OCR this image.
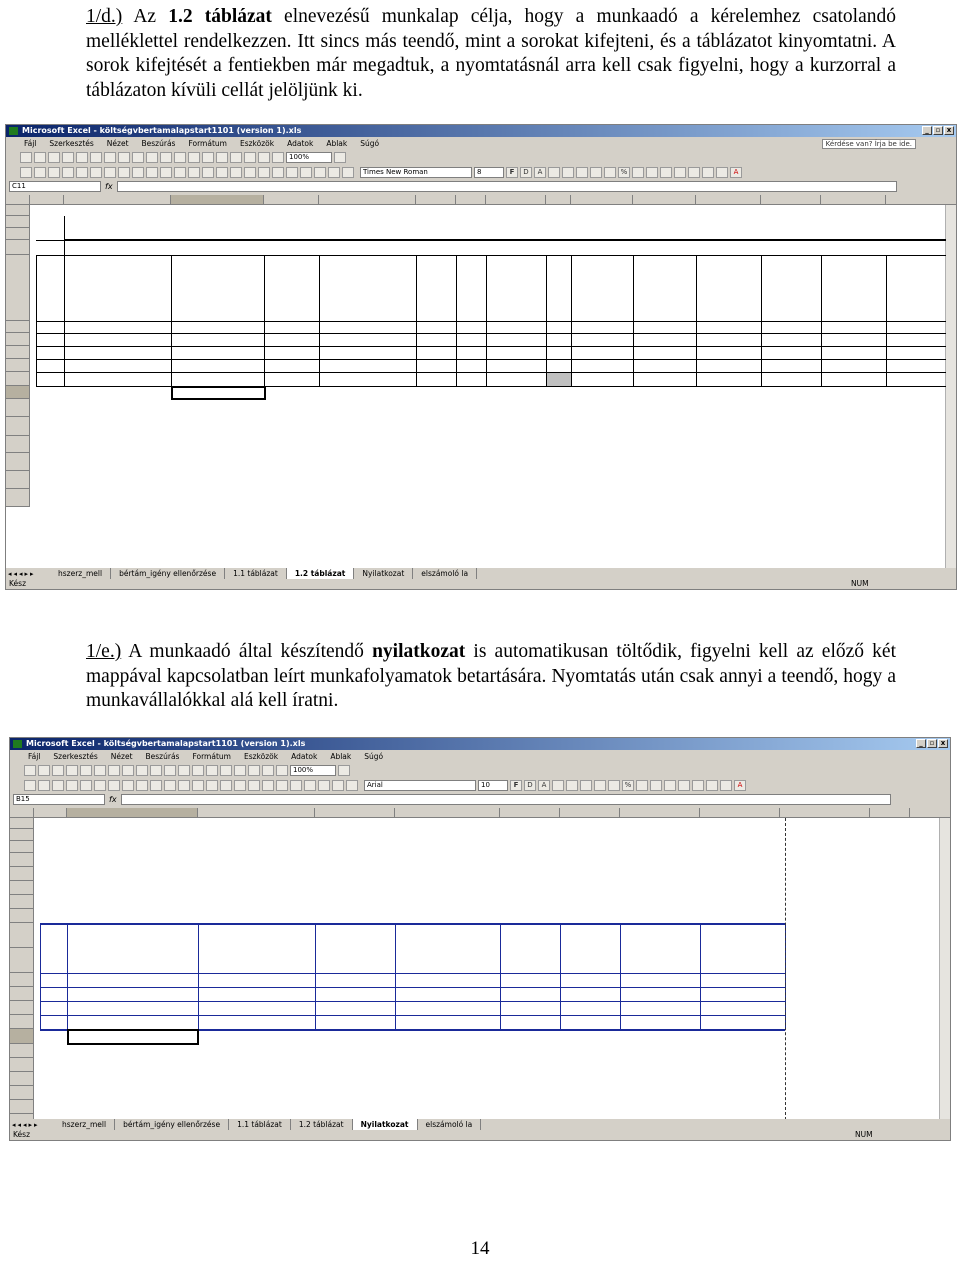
1/d.) Az 1.2 táblázat elnevezésű munkalap célja, hogy a munkaadó a kérelemhez csatolandó melléklettel rendelkezzen. Itt sincs más teendő, mint a sorokat kifejteni, és a táblázatot kinyomtatni. A sorok kifejtését a fentiekben már megadtuk, a nyomtatásnál arra kell csak figyelni, hogy a kurzorral a táblázaton kívüli cellát jelöljünk ki.
Microsoft Excel - költségvbertamalapstart1101 (version 1).xls	_ ▫ x
Fájl Szerkesztés Nézet Beszúrás Formátum Eszközök Adatok Ablak Súgó	Kérdése van? Írja be ide.
100%
Times New Roman	8	F	D	A	%	A
C11	fx
◂◂◂▸▸	hszerz_mell	bértám_igény ellenőrzése	1.1 táblázat	1.2 táblázat	Nyilatkozat	elszámoló la
Kész	NUM
1/e.) A munkaadó által készítendő nyilatkozat is automatikusan töltődik, figyelni kell az előző két mappával kapcsolatban leírt munkafolyamatok betartására. Nyomtatás után csak annyi a teendő, hogy a munkavállalókkal alá kell íratni.
Microsoft Excel - költségvbertamalapstart1101 (version 1).xls	_ ▫ x
Fájl Szerkesztés Nézet Beszúrás Formátum Eszközök Adatok Ablak Súgó
100%
Arial	10	F	D	A	%	A
B15	fx
◂◂◂▸▸	hszerz_mell	bértám_igény ellenőrzése	1.1 táblázat	1.2 táblázat	Nyilatkozat	elszámoló la
Kész	NUM
14
